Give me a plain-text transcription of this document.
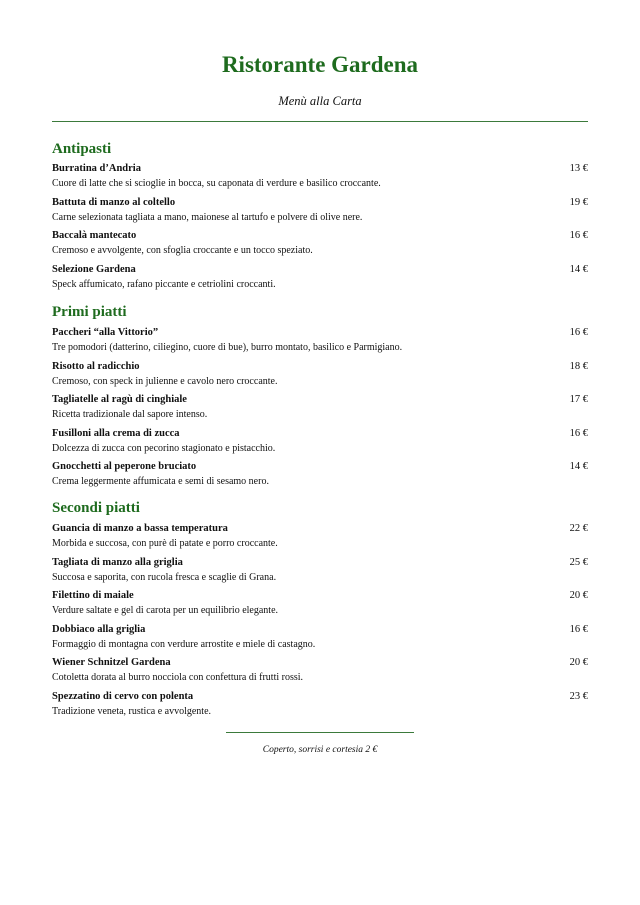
Ristorante Gardena
Menù alla Carta
Antipasti
Burratina d’Andria	13 €
Cuore di latte che si scioglie in bocca, su caponata di verdure e basilico croccante.
Battuta di manzo al coltello	19 €
Carne selezionata tagliata a mano, maionese al tartufo e polvere di olive nere.
Baccalà mantecato	16 €
Cremoso e avvolgente, con sfoglia croccante e un tocco speziato.
Selezione Gardena	14 €
Speck affumicato, rafano piccante e cetriolini croccanti.
Primi piatti
Paccheri “alla Vittorio”	16 €
Tre pomodori (datterino, ciliegino, cuore di bue), burro montato, basilico e Parmigiano.
Risotto al radicchio	18 €
Cremoso, con speck in julienne e cavolo nero croccante.
Tagliatelle al ragù di cinghiale	17 €
Ricetta tradizionale dal sapore intenso.
Fusilloni alla crema di zucca	16 €
Dolcezza di zucca con pecorino stagionato e pistacchio.
Gnocchetti al peperone bruciato	14 €
Crema leggermente affumicata e semi di sesamo nero.
Secondi piatti
Guancia di manzo a bassa temperatura	22 €
Morbida e succosa, con purè di patate e porro croccante.
Tagliata di manzo alla griglia	25 €
Succosa e saporita, con rucola fresca e scaglie di Grana.
Filettino di maiale	20 €
Verdure saltate e gel di carota per un equilibrio elegante.
Dobbiaco alla griglia	16 €
Formaggio di montagna con verdure arrostite e miele di castagno.
Wiener Schnitzel Gardena	20 €
Cotoletta dorata al burro nocciola con confettura di frutti rossi.
Spezzatino di cervo con polenta	23 €
Tradizione veneta, rustica e avvolgente.
Coperto, sorrisi e cortesia 2 €
